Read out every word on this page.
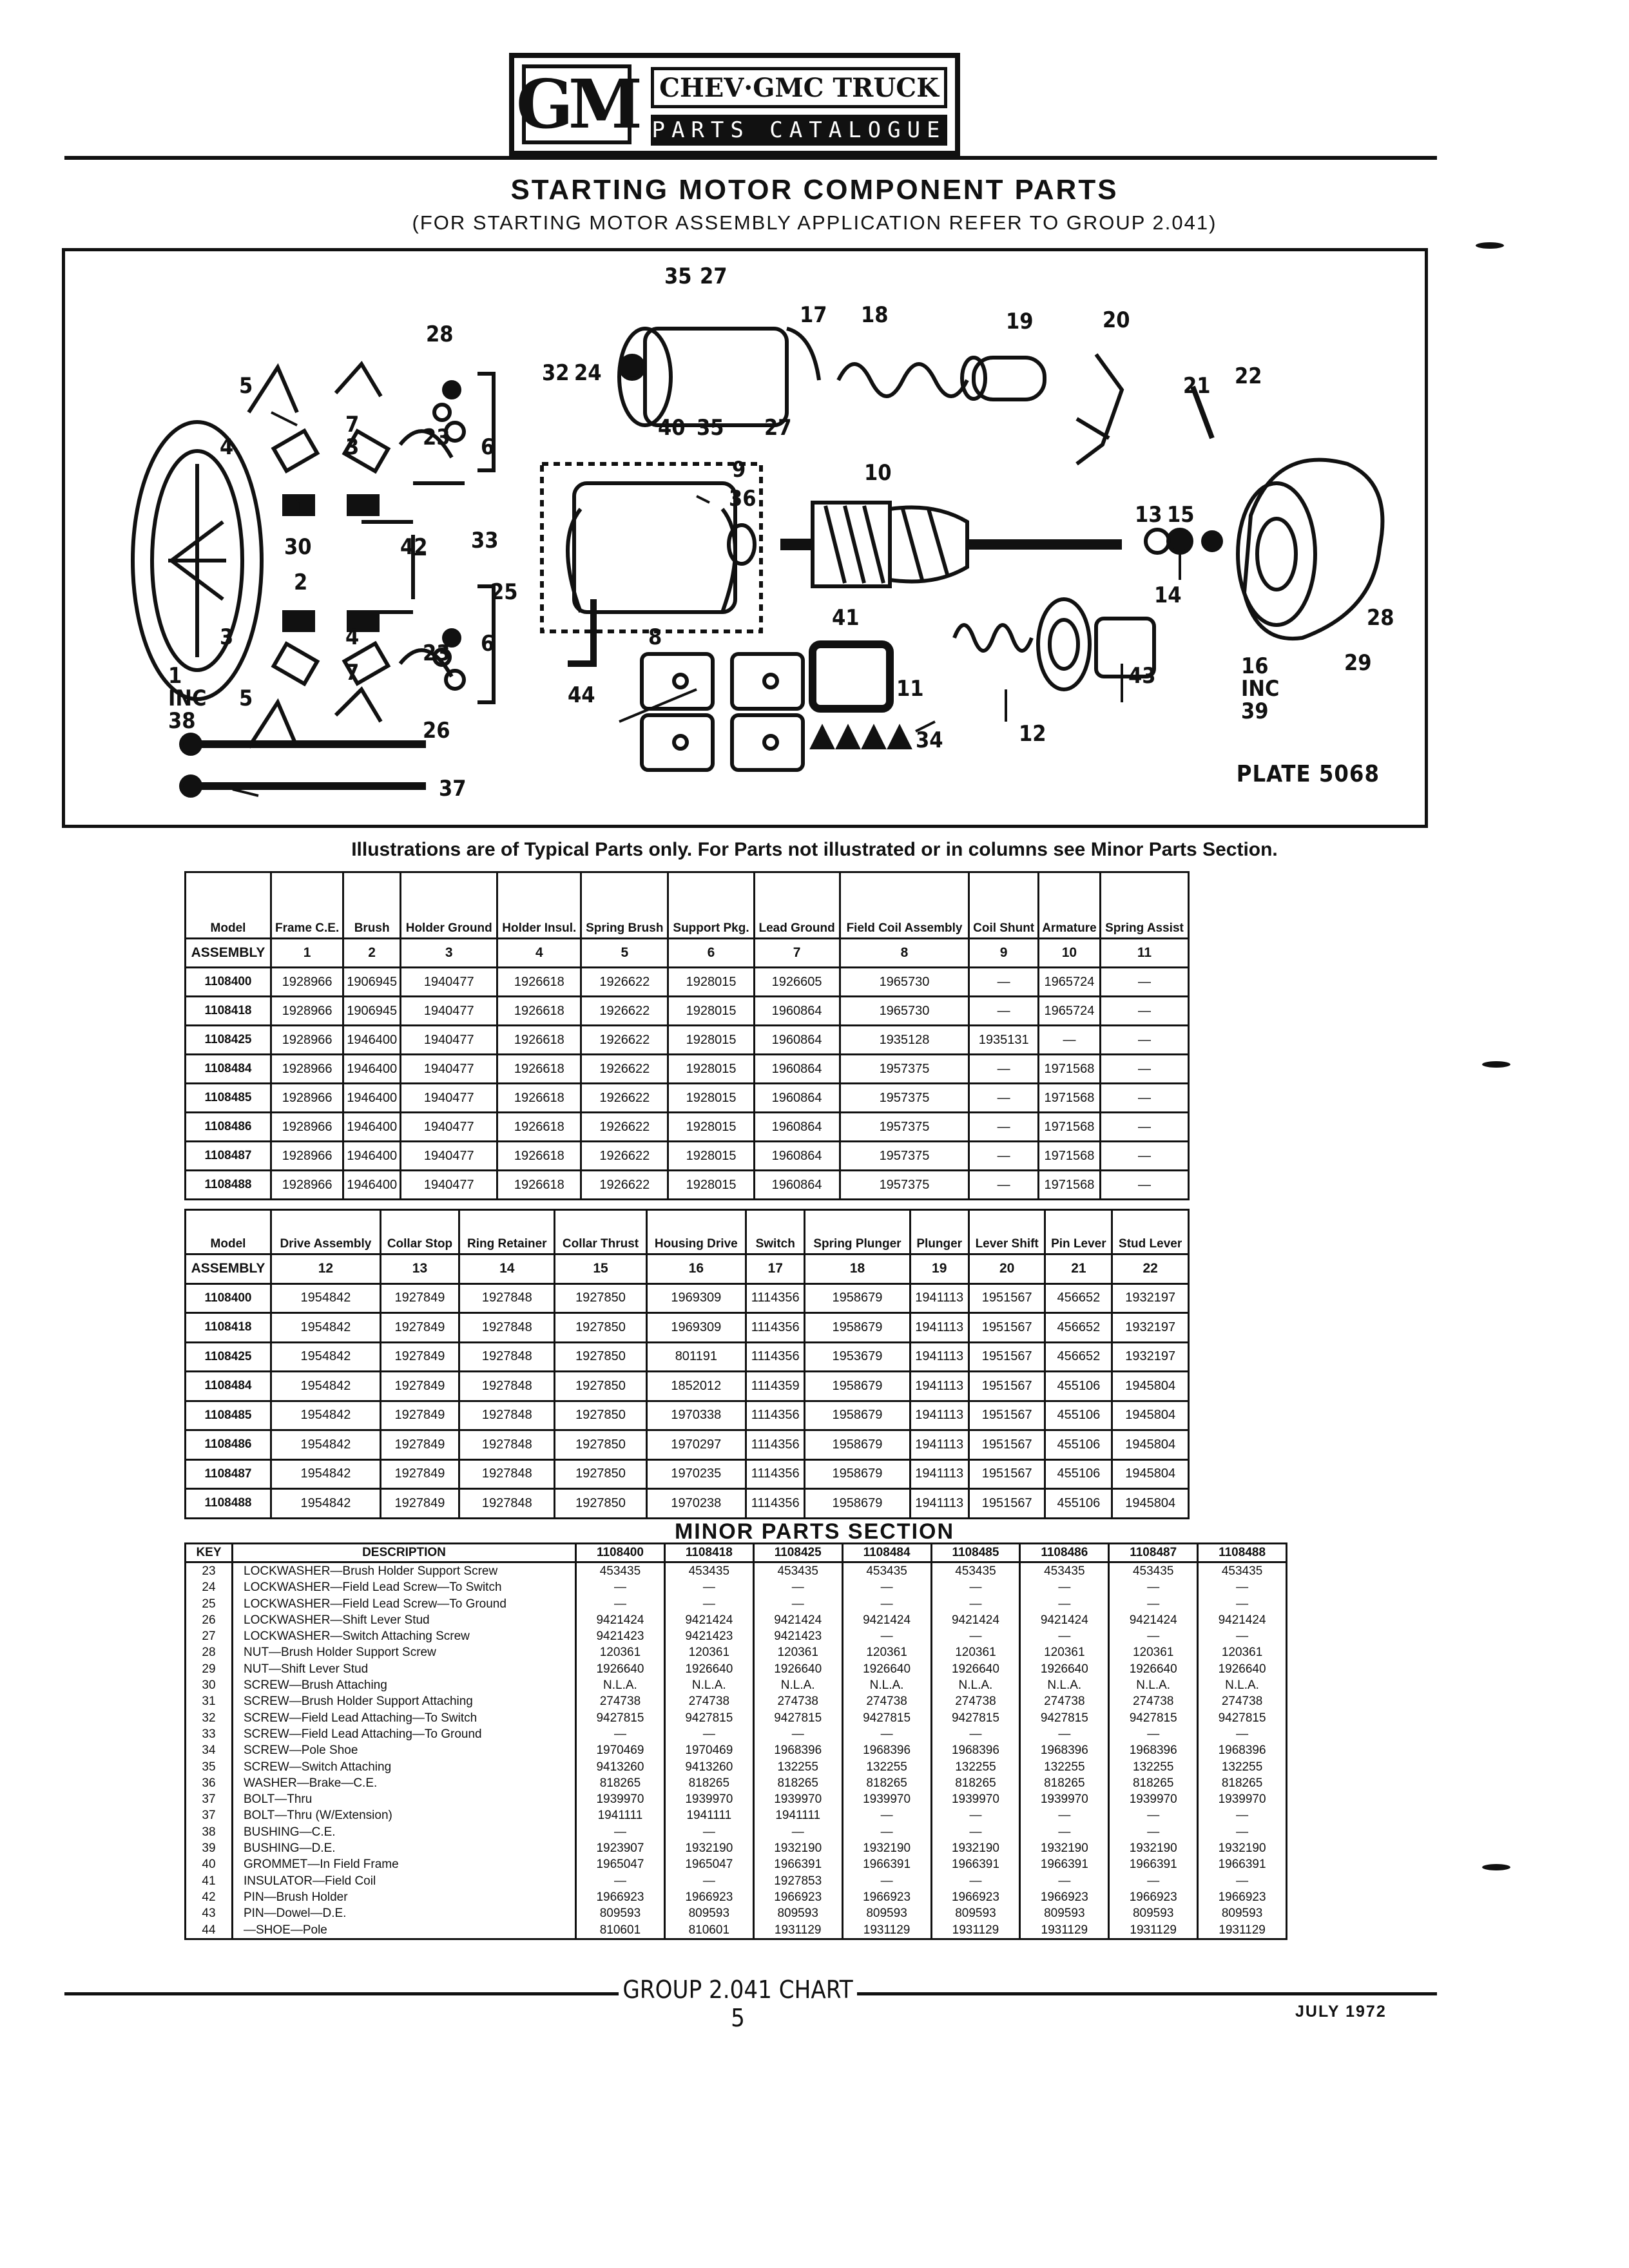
GM CHEV·GMC TRUCK
PARTS CATALOGUE
STARTING MOTOR COMPONENT PARTS
(FOR STARTING MOTOR ASSEMBLY APPLICATION REFER TO GROUP 2.041)
35 27
17 18	19	20
21 22
28
32 24
40 35 27
5
7	23
4	3	6
9
36
10
13 15
14
30
1
2
42 33
25
8
41
23 6
3	4
7
26
11
12
43	16
INC
39
29
28
1
INC
38
5	44
34
37
PLATE 5068
Illustrations are of Typical Parts only. For Parts not illustrated or in columns see Minor Parts Section.
Model	Frame C.E.	Brush	Holder Ground	Holder Insul.	Spring Brush	Support Pkg.	Lead Ground	Field Coil Assembly	Coil Shunt	Armature	Spring Assist
ASSEMBLY	1	2	3	4	5	6	7	8	9	10	11
1108400	1928966	1906945	1940477	1926618	1926622	1928015	1926605	1965730	—	1965724	—
1108418	1928966	1906945	1940477	1926618	1926622	1928015	1960864	1965730	—	1965724	—
1108425	1928966	1946400	1940477	1926618	1926622	1928015	1960864	1935128	1935131	—	—
1108484	1928966	1946400	1940477	1926618	1926622	1928015	1960864	1957375	—	1971568	—
1108485	1928966	1946400	1940477	1926618	1926622	1928015	1960864	1957375	—	1971568	—
1108486	1928966	1946400	1940477	1926618	1926622	1928015	1960864	1957375	—	1971568	—
1108487	1928966	1946400	1940477	1926618	1926622	1928015	1960864	1957375	—	1971568	—
1108488	1928966	1946400	1940477	1926618	1926622	1928015	1960864	1957375	—	1971568	—
Model	Drive Assembly	Collar Stop	Ring Retainer	Collar Thrust	Housing Drive	Switch	Spring Plunger	Plunger	Lever Shift	Pin Lever	Stud Lever
ASSEMBLY	12	13	14	15	16	17	18	19	20	21	22
1108400	1954842	1927849	1927848	1927850	1969309	1114356	1958679	1941113	1951567	456652	1932197
1108418	1954842	1927849	1927848	1927850	1969309	1114356	1958679	1941113	1951567	456652	1932197
1108425	1954842	1927849	1927848	1927850	801191	1114356	1953679	1941113	1951567	456652	1932197
1108484	1954842	1927849	1927848	1927850	1852012	1114359	1958679	1941113	1951567	455106	1945804
1108485	1954842	1927849	1927848	1927850	1970338	1114356	1958679	1941113	1951567	455106	1945804
1108486	1954842	1927849	1927848	1927850	1970297	1114356	1958679	1941113	1951567	455106	1945804
1108487	1954842	1927849	1927848	1927850	1970235	1114356	1958679	1941113	1951567	455106	1945804
1108488	1954842	1927849	1927848	1927850	1970238	1114356	1958679	1941113	1951567	455106	1945804
MINOR PARTS SECTION
KEY	DESCRIPTION	1108400	1108418	1108425	1108484	1108485	1108486	1108487	1108488
23	LOCKWASHER—Brush Holder Support Screw	453435	453435	453435	453435	453435	453435	453435	453435
24	LOCKWASHER—Field Lead Screw—To Switch	—	—	—	—	—	—	—	—
25	LOCKWASHER—Field Lead Screw—To Ground	—	—	—	—	—	—	—	—
26	LOCKWASHER—Shift Lever Stud	9421424	9421424	9421424	9421424	9421424	9421424	9421424	9421424
27	LOCKWASHER—Switch Attaching Screw	9421423	9421423	9421423	—	—	—	—	—
28	NUT—Brush Holder Support Screw	120361	120361	120361	120361	120361	120361	120361	120361
29	NUT—Shift Lever Stud	1926640	1926640	1926640	1926640	1926640	1926640	1926640	1926640
30	SCREW—Brush Attaching	N.L.A.	N.L.A.	N.L.A.	N.L.A.	N.L.A.	N.L.A.	N.L.A.	N.L.A.
31	SCREW—Brush Holder Support Attaching	274738	274738	274738	274738	274738	274738	274738	274738
32	SCREW—Field Lead Attaching—To Switch	9427815	9427815	9427815	9427815	9427815	9427815	9427815	9427815
33	SCREW—Field Lead Attaching—To Ground	—	—	—	—	—	—	—	—
34	SCREW—Pole Shoe	1970469	1970469	1968396	1968396	1968396	1968396	1968396	1968396
35	SCREW—Switch Attaching	9413260	9413260	132255	132255	132255	132255	132255	132255
36	WASHER—Brake—C.E.	818265	818265	818265	818265	818265	818265	818265	818265
37	BOLT—Thru	1939970	1939970	1939970	1939970	1939970	1939970	1939970	1939970
37	BOLT—Thru (W/Extension)	1941111	1941111	1941111	—	—	—	—	—
38	BUSHING—C.E.	—	—	—	—	—	—	—	—
39	BUSHING—D.E.	1923907	1932190	1932190	1932190	1932190	1932190	1932190	1932190
40	GROMMET—In Field Frame	1965047	1965047	1966391	1966391	1966391	1966391	1966391	1966391
41	INSULATOR—Field Coil	—	—	1927853	—	—	—	—	—
42	PIN—Brush Holder	1966923	1966923	1966923	1966923	1966923	1966923	1966923	1966923
43	PIN—Dowel—D.E.	809593	809593	809593	809593	809593	809593	809593	809593
44	—SHOE—Pole	810601	810601	1931129	1931129	1931129	1931129	1931129	1931129
GROUP 2.041 CHART 5	JULY 1972
